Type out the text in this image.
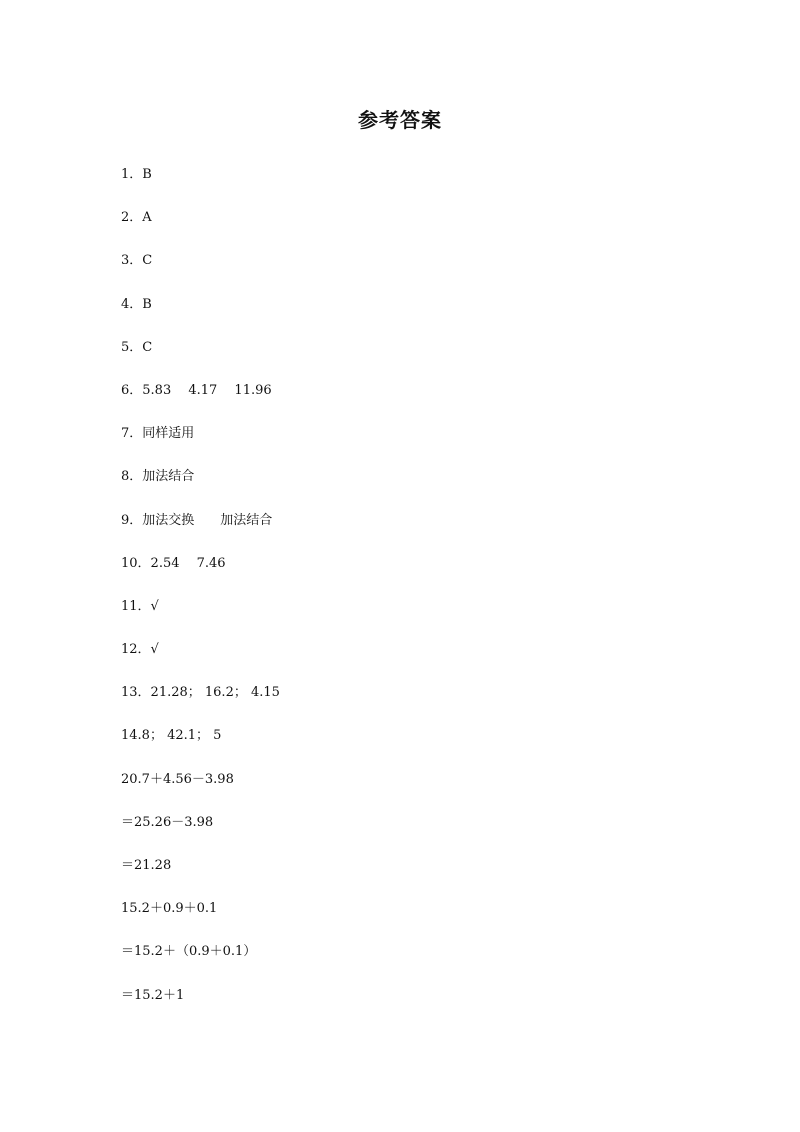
参考答案
1．B
2．A
3．C
4．B
5．C
6．5.83　 4.17　 11.96
7．同样适用
8．加法结合
9．加法交换　　加法结合
10．2.54　 7.46
11．√
12．√
13．21.28； 16.2； 4.15
14.8； 42.1； 5
20.7＋4.56－3.98
＝25.26－3.98
＝21.28
15.2＋0.9＋0.1
＝15.2＋（0.9＋0.1）
＝15.2＋1
